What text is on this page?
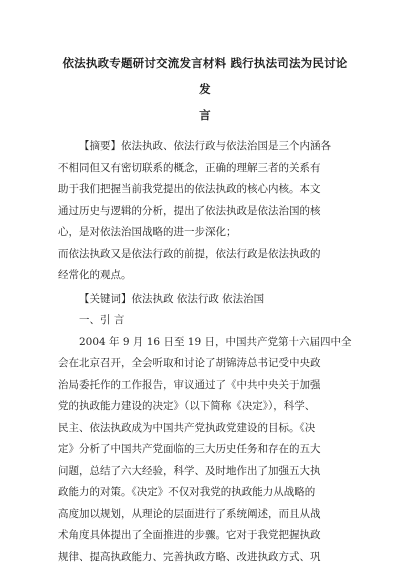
依法执政专题研讨交流发言材料 践行执法司法为民讨论发
言

【摘要】依法执政、依法行政与依法治国是三个内涵各

不相同但又有密切联系的概念，正确的理解三者的关系有

助于我们把握当前我党提出的依法执政的核心内核。本文

通过历史与逻辑的分析，提出了依法执政是依法治国的核

心，是对依法治国战略的进一步深化；

而依法执政又是依法行政的前提，依法行政是依法执政的

经常化的观点。

【关键词】依法执政 依法行政 依法治国

一、引 言

2004 年 9 月 16 日至 19 日，中国共产党第十六届四中全

会在北京召开，全会听取和讨论了胡锦涛总书记受中央政

治局委托作的工作报告，审议通过了《中共中央关于加强

党的执政能力建设的决定》（以下简称《决定》），科学、

民主、依法执政成为中国共产党执政党建设的目标。《决

定》分析了中国共产党面临的三大历史任务和存在的五大

问题，总结了六大经验，科学、及时地作出了加强五大执

政能力的对策。《决定》不仅对我党的执政能力从战略的

高度加以规划，从理论的层面进行了系统阐述，而且从战

术角度具体提出了全面推进的步骤。它对于我党把握执政

规律、提高执政能力、完善执政方略、改进执政方式、巩
